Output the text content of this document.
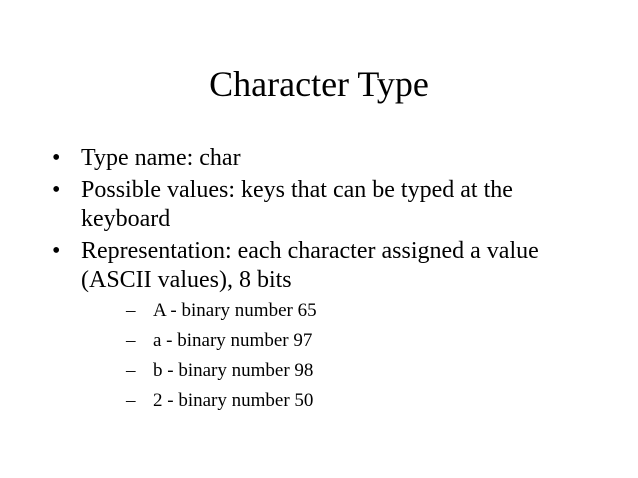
Character Type
• Type name: char
• Possible values: keys that can be typed at the keyboard
• Representation: each character assigned a value (ASCII values), 8 bits
– A - binary number 65
– a - binary number 97
– b - binary number 98
– 2 - binary number 50
